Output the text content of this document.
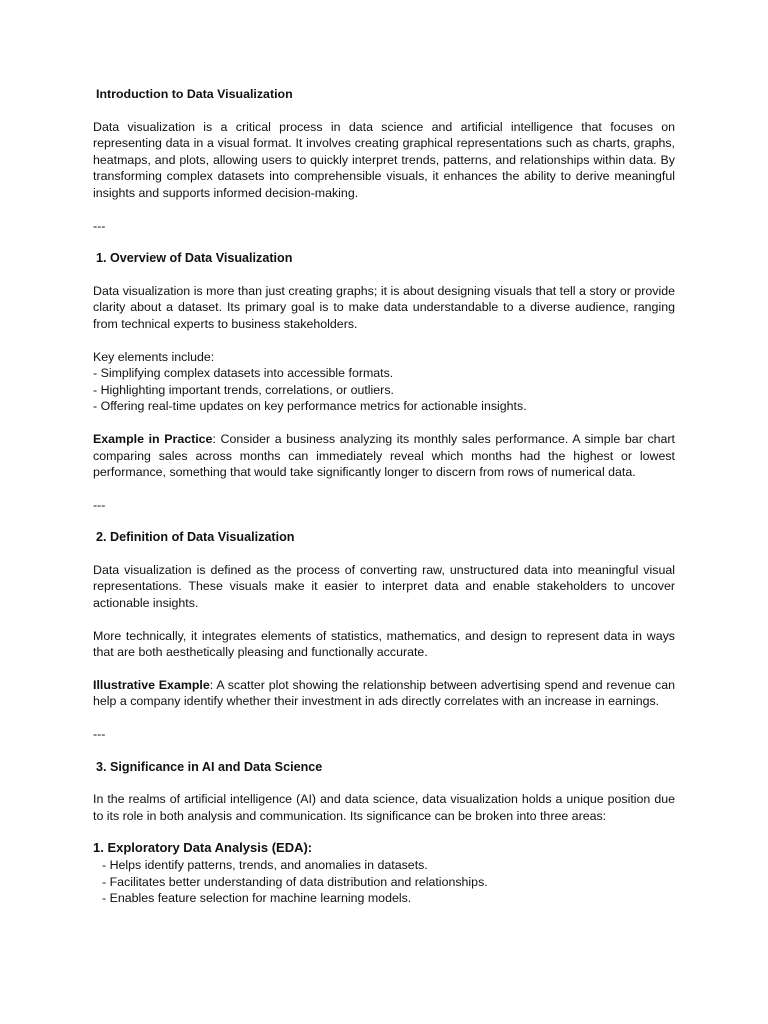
Introduction to Data Visualization

Data visualization is a critical process in data science and artificial intelligence that focuses on representing data in a visual format. It involves creating graphical representations such as charts, graphs, heatmaps, and plots, allowing users to quickly interpret trends, patterns, and relationships within data. By transforming complex datasets into comprehensible visuals, it enhances the ability to derive meaningful insights and supports informed decision-making.

---
1. Overview of Data Visualization

Data visualization is more than just creating graphs; it is about designing visuals that tell a story or provide clarity about a dataset. Its primary goal is to make data understandable to a diverse audience, ranging from technical experts to business stakeholders.

Key elements include:
- Simplifying complex datasets into accessible formats.
- Highlighting important trends, correlations, or outliers.
- Offering real-time updates on key performance metrics for actionable insights.

Example in Practice: Consider a business analyzing its monthly sales performance. A simple bar chart comparing sales across months can immediately reveal which months had the highest or lowest performance, something that would take significantly longer to discern from rows of numerical data.

---
2. Definition of Data Visualization

Data visualization is defined as the process of converting raw, unstructured data into meaningful visual representations. These visuals make it easier to interpret data and enable stakeholders to uncover actionable insights.

More technically, it integrates elements of statistics, mathematics, and design to represent data in ways that are both aesthetically pleasing and functionally accurate.

Illustrative Example: A scatter plot showing the relationship between advertising spend and revenue can help a company identify whether their investment in ads directly correlates with an increase in earnings.

---
3. Significance in AI and Data Science

In the realms of artificial intelligence (AI) and data science, data visualization holds a unique position due to its role in both analysis and communication. Its significance can be broken into three areas:

1. Exploratory Data Analysis (EDA):
- Helps identify patterns, trends, and anomalies in datasets.
- Facilitates better understanding of data distribution and relationships.
- Enables feature selection for machine learning models.
